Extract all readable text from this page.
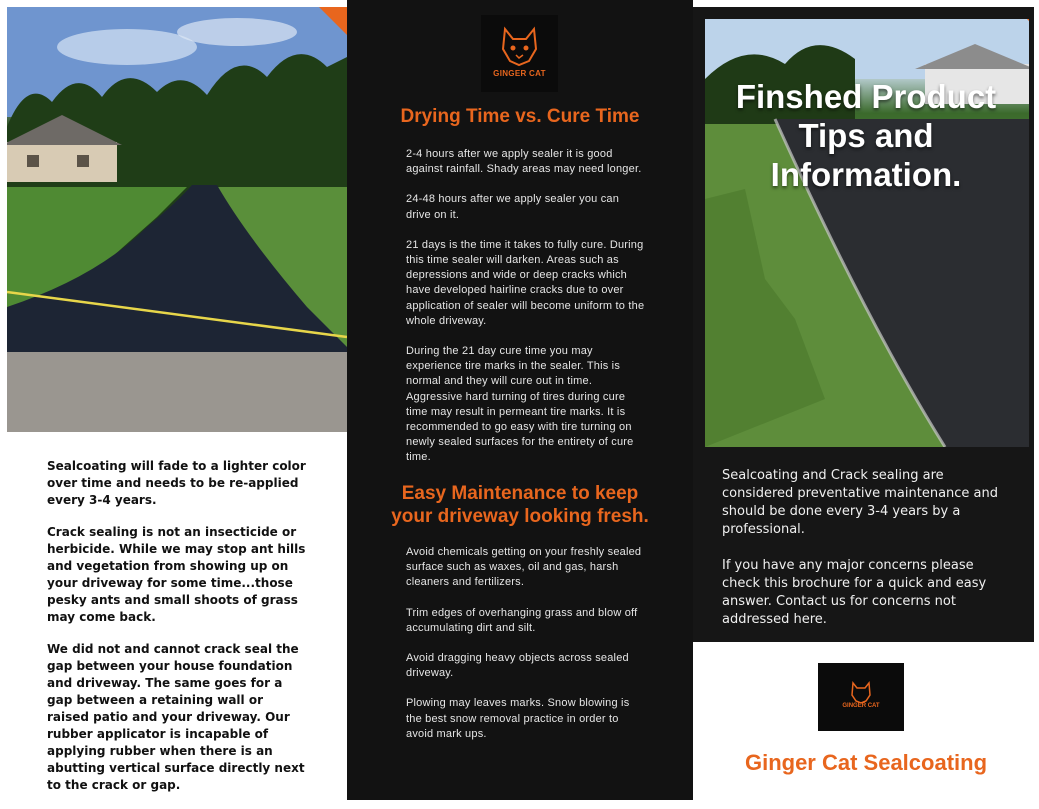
Sealcoating will fade to a lighter color over time and needs to be re-applied every 3-4 years.

Crack sealing is not an insecticide or herbicide. While we may stop ant hills and vegetation from showing up on your driveway for some time...those pesky ants and small shoots of grass may come back.

We did not and cannot crack seal the gap between your house foundation and driveway. The same goes for a gap between a retaining wall or raised patio and your driveway. Our rubber applicator is incapable of applying rubber when there is an abutting vertical surface directly next to the crack or gap.

GINGER CAT
Drying Time vs. Cure Time

2-4 hours after we apply sealer it is good against rainfall. Shady areas may need longer.

24-48 hours after we apply sealer you can drive on it.

21 days is the time it takes to fully cure. During this time sealer will darken. Areas such as depressions and wide or deep cracks which have developed hairline cracks due to over application of sealer will become uniform to the whole driveway.

During the 21 day cure time you may experience tire marks in the sealer. This is normal and they will cure out in time. Aggressive hard turning of tires during cure time may result in permeant tire marks. It is recommended to go easy with tire turning on newly sealed surfaces for the entirety of cure time.

Easy Maintenance to keep
your driveway looking fresh.

Avoid chemicals getting on your freshly sealed surface such as waxes, oil and gas, harsh cleaners and fertilizers.

Trim edges of overhanging grass and blow off accumulating dirt and silt.

Avoid dragging heavy objects across sealed driveway.

Plowing may leaves marks. Snow blowing is the best snow removal practice in order to avoid mark ups.

Finshed Product
Tips and
Information.

Sealcoating and Crack sealing are considered preventative maintenance and should be done every 3-4 years by a professional.

If you have any major concerns please check this brochure for a quick and easy answer. Contact us for concerns not addressed here.

GINGER CAT
Ginger Cat Sealcoating
